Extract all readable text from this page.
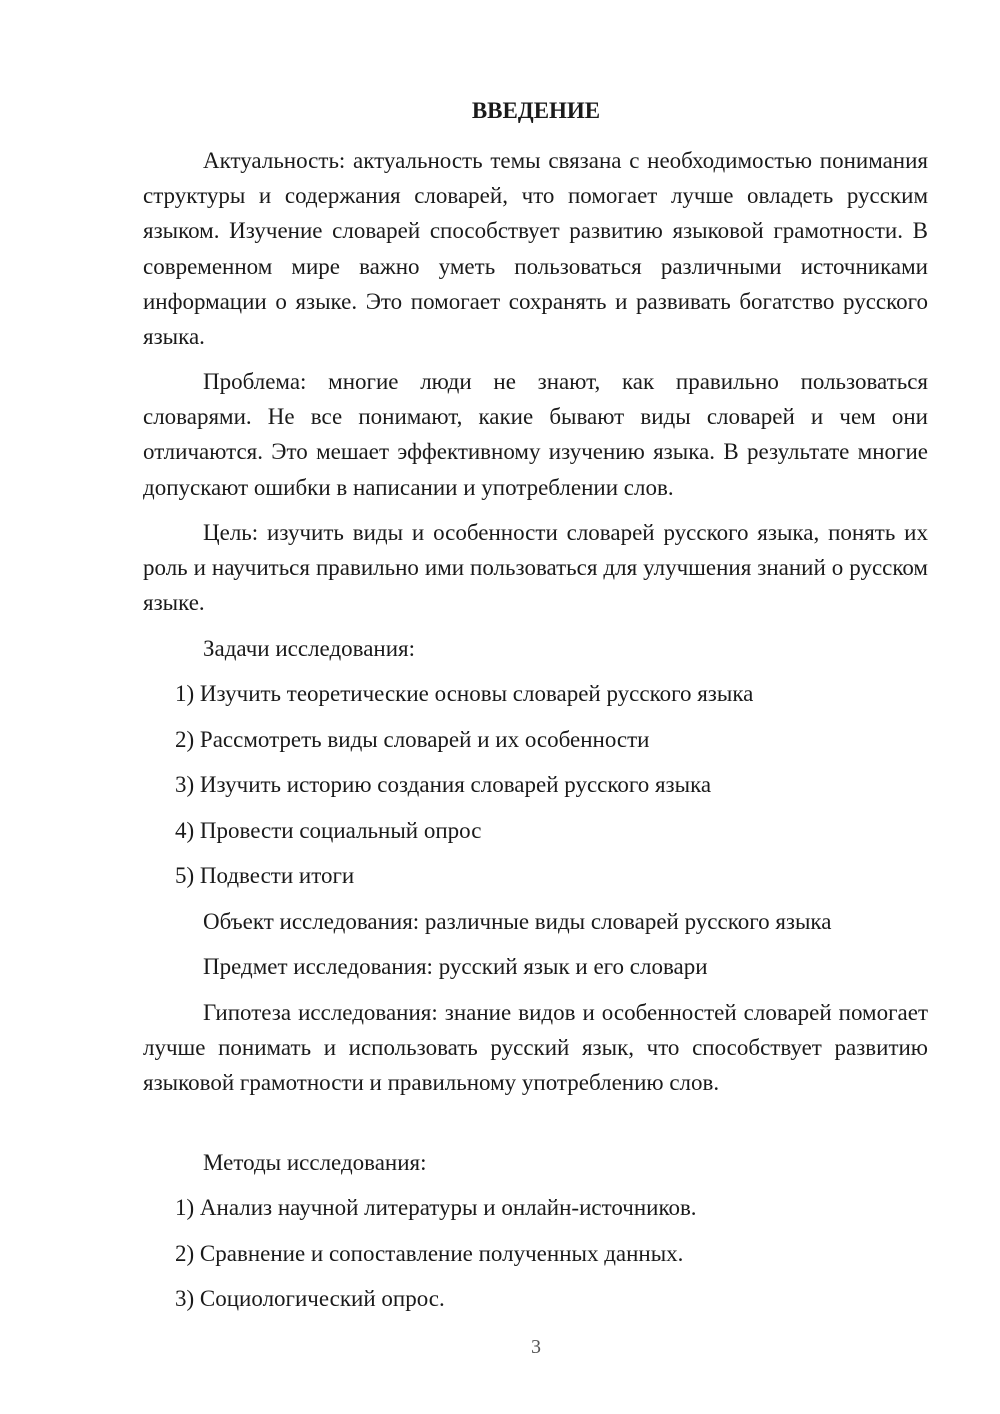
ВВЕДЕНИЕ

Актуальность: актуальность темы связана с необходимостью понимания структуры и содержания словарей, что помогает лучше овладеть русским языком. Изучение словарей способствует развитию языковой грамотности. В современном мире важно уметь пользоваться различными источниками информации о языке. Это помогает сохранять и развивать богатство русского языка.

Проблема: многие люди не знают, как правильно пользоваться словарями. Не все понимают, какие бывают виды словарей и чем они отличаются. Это мешает эффективному изучению языка. В результате многие допускают ошибки в написании и употреблении слов.

Цель: изучить виды и особенности словарей русского языка, понять их роль и научиться правильно ими пользоваться для улучшения знаний о русском языке.

Задачи исследования:
1) Изучить теоретические основы словарей русского языка
2) Рассмотреть виды словарей и их особенности
3) Изучить историю создания словарей русского языка
4) Провести социальный опрос
5) Подвести итоги
Объект исследования: различные виды словарей русского языка
Предмет исследования: русский язык и его словари

Гипотеза исследования: знание видов и особенностей словарей помогает лучше понимать и использовать русский язык, что способствует развитию языковой грамотности и правильному употреблению слов.

Методы исследования:
1) Анализ научной литературы и онлайн-источников.
2) Сравнение и сопоставление полученных данных.
3) Социологический опрос.
3
